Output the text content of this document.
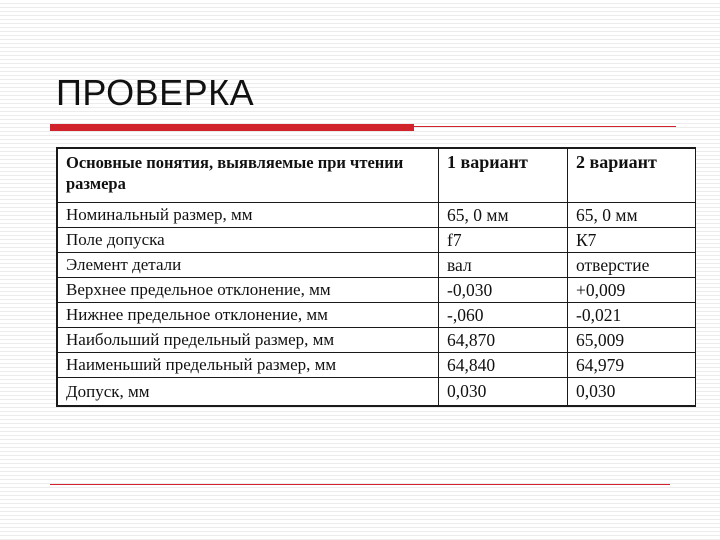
ПРОВЕРКА
Основные понятия, выявляемые при чтении размера	1 вариант	2 вариант
Номинальный размер, мм	65, 0 мм	65, 0 мм
Поле допуска	f7	К7
Элемент детали	вал	отверстие
Верхнее предельное отклонение, мм	-0,030	+0,009
Нижнее предельное отклонение, мм	-,060	-0,021
Наибольший предельный размер, мм	64,870	65,009
Наименьший предельный размер, мм	64,840	64,979
Допуск, мм	0,030	0,030
